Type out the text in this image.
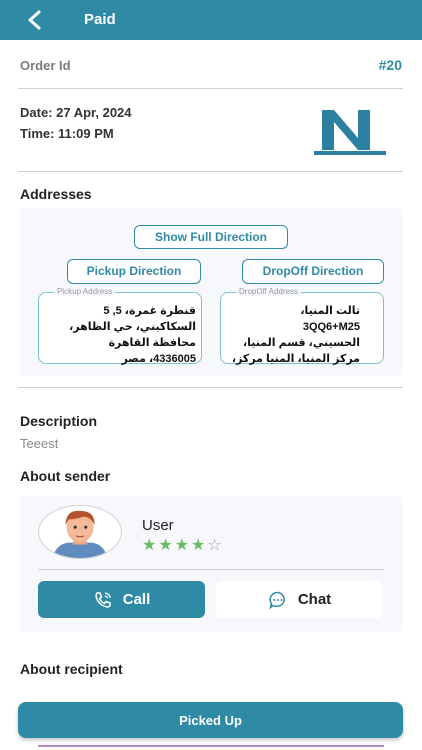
Paid
Order Id	#20
Date: 27 Apr, 2024
Time: 11:09 PM
Addresses
Show Full Direction
Pickup Direction	DropOff Direction
Pickup Address
قنطرة غمرة، 5, 5
السكاكيني، حي الظاهر،
محافظة القاهرة
4336005، مصر
DropOff Address
تالت المنيا،
3QQ6+M25
الحسيني، قسم المنيا،
مركز المنيا، المنيا مركز،
Description
Teeest
About sender
User
★★★★☆
Call	Chat
About recipient
Picked Up
